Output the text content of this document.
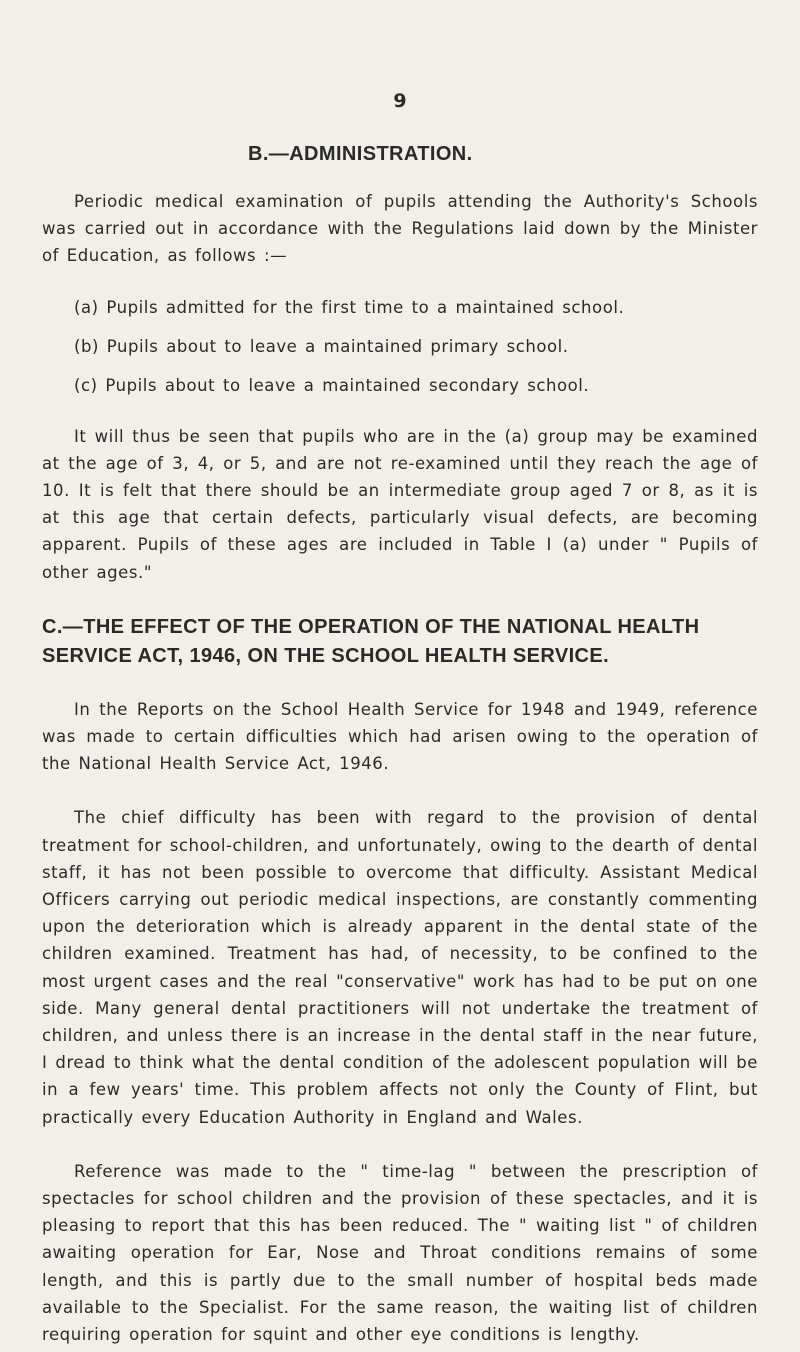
9
B.—ADMINISTRATION.

Periodic medical examination of pupils attending the Authority's Schools was carried out in accordance with the Regulations laid down by the Minister of Education, as follows :—

(a) Pupils admitted for the first time to a maintained school.
(b) Pupils about to leave a maintained primary school.
(c) Pupils about to leave a maintained secondary school.

It will thus be seen that pupils who are in the (a) group may be examined at the age of 3, 4, or 5, and are not re-examined until they reach the age of 10. It is felt that there should be an intermediate group aged 7 or 8, as it is at this age that certain defects, particularly visual defects, are becoming apparent. Pupils of these ages are included in Table I (a) under " Pupils of other ages."

C.—THE EFFECT OF THE OPERATION OF THE NATIONAL HEALTH SERVICE ACT, 1946, ON THE SCHOOL HEALTH SERVICE.

In the Reports on the School Health Service for 1948 and 1949, reference was made to certain difficulties which had arisen owing to the operation of the National Health Service Act, 1946.

The chief difficulty has been with regard to the provision of dental treatment for school-children, and unfortunately, owing to the dearth of dental staff, it has not been possible to overcome that difficulty. Assistant Medical Officers carrying out periodic medical inspections, are constantly commenting upon the deterioration which is already apparent in the dental state of the children examined. Treatment has had, of necessity, to be confined to the most urgent cases and the real "conservative" work has had to be put on one side. Many general dental practitioners will not undertake the treatment of children, and unless there is an increase in the dental staff in the near future, I dread to think what the dental condition of the adolescent population will be in a few years' time. This problem affects not only the County of Flint, but practically every Education Authority in England and Wales.

Reference was made to the " time-lag " between the prescription of spectacles for school children and the provision of these spectacles, and it is pleasing to report that this has been reduced. The " waiting list " of children awaiting operation for Ear, Nose and Throat conditions remains of some length, and this is partly due to the small number of hospital beds made available to the Specialist. For the same reason, the waiting list of children requiring operation for squint and other eye conditions is lengthy.
